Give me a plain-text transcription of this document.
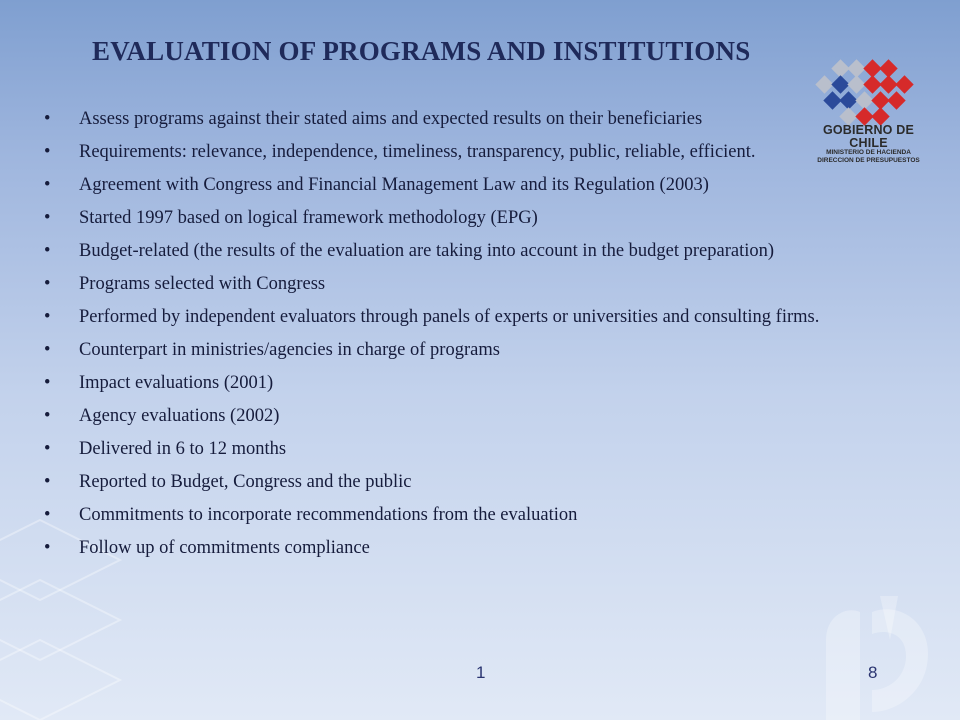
EVALUATION OF PROGRAMS AND INSTITUTIONS
GOBIERNO DE CHILE
MINISTERIO DE HACIENDA
DIRECCION DE PRESUPUESTOS
• Assess programs against their stated aims and expected results on their beneficiaries
• Requirements: relevance, independence, timeliness, transparency, public, reliable, efficient.
• Agreement with Congress and Financial Management Law and its Regulation (2003)
• Started 1997 based on logical framework methodology (EPG)
• Budget-related (the results of the evaluation are taking into account in the budget preparation)
• Programs selected with Congress
• Performed by independent evaluators through panels of experts or universities and consulting firms.
• Counterpart in ministries/agencies in charge of programs
• Impact evaluations (2001)
• Agency evaluations (2002)
• Delivered in 6 to 12 months
• Reported to Budget, Congress and the public
• Commitments to incorporate recommendations from the evaluation
• Follow up of commitments compliance
1	8
